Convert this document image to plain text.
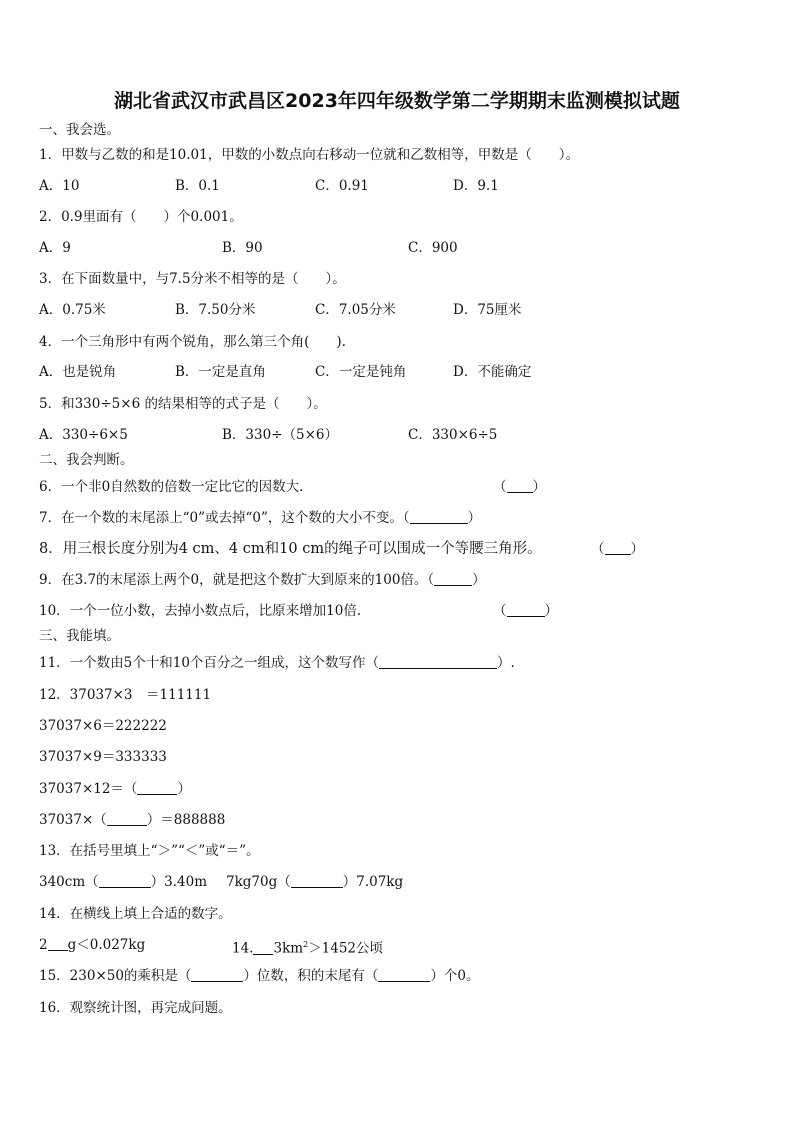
湖北省武汉市武昌区2023年四年级数学第二学期期末监测模拟试题
一、我会选。
1．甲数与乙数的和是10.01，甲数的小数点向右移动一位就和乙数相等，甲数是（　　）。
A．10	B．0.1	C．0.91	D．9.1
2．0.9里面有（　　）个0.001。
A．9	B．90	C．900
3．在下面数量中，与7.5分米不相等的是（　　）。
A．0.75米	B．7.50分米	C．7.05分米	D．75厘米
4．一个三角形中有两个锐角，那么第三个角(　　).
A．也是锐角	B．一定是直角	C．一定是钝角	D．不能确定
5．和330÷5×6 的结果相等的式子是（　　）。
A．330÷6×5	B．330÷（5×6）	C．330×6÷5
二、我会判断。
6．一个非0自然数的倍数一定比它的因数大.	（ ）
7．在一个数的末尾添上“0”或去掉“0”，这个数的大小不变。（	）
8．用三根长度分别为4 cm、4 cm和10 cm的绳子可以围成一个等腰三角形。	（ ）
9．在3.7的末尾添上两个0，就是把这个数扩大到原来的100倍。（	）
10．一个一位小数，去掉小数点后，比原来增加10倍.	（	）
三、我能填。
11．一个数由5个十和10个百分之一组成，这个数写作（	）.
12．37037×3　＝111111
37037×6＝222222
37037×9＝333333
37037×12＝（	）
37037×（	）＝888888
13．在括号里填上“＞”“＜”或“＝”。
340cm（	）3.40m 7kg70g（	）7.07kg
14．在横线上填上合适的数字。
2 g＜0.027kg	14. $3km^2>1452$公顷
15．230×50的乘积是（	）位数，积的末尾有（	）个0。
16．观察统计图，再完成问题。
